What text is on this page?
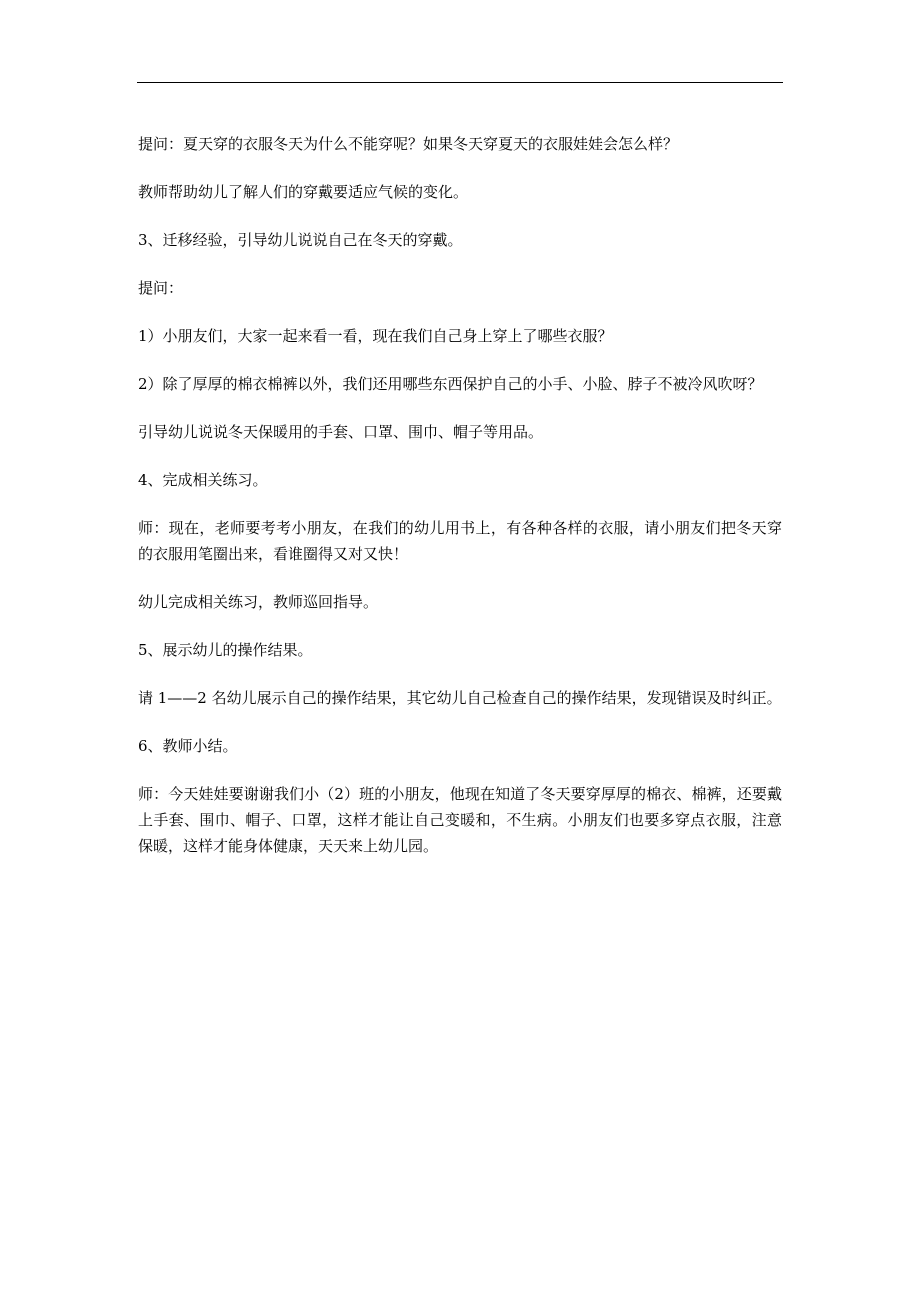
提问：夏天穿的衣服冬天为什么不能穿呢？如果冬天穿夏天的衣服娃娃会怎么样？

教师帮助幼儿了解人们的穿戴要适应气候的变化。

3、迁移经验，引导幼儿说说自己在冬天的穿戴。

提问：

1）小朋友们，大家一起来看一看，现在我们自己身上穿上了哪些衣服？

2）除了厚厚的棉衣棉裤以外，我们还用哪些东西保护自己的小手、小脸、脖子不被冷风吹呀？

引导幼儿说说冬天保暖用的手套、口罩、围巾、帽子等用品。

4、完成相关练习。

师：现在，老师要考考小朋友，在我们的幼儿用书上，有各种各样的衣服，请小朋友们把冬天穿的衣服用笔圈出来，看谁圈得又对又快！

幼儿完成相关练习，教师巡回指导。

5、展示幼儿的操作结果。

请 1——2 名幼儿展示自己的操作结果，其它幼儿自己检查自己的操作结果，发现错误及时纠正。

6、教师小结。

师：今天娃娃要谢谢我们小（2）班的小朋友，他现在知道了冬天要穿厚厚的棉衣、棉裤，还要戴上手套、围巾、帽子、口罩，这样才能让自己变暖和，不生病。小朋友们也要多穿点衣服，注意保暖，这样才能身体健康，天天来上幼儿园。
